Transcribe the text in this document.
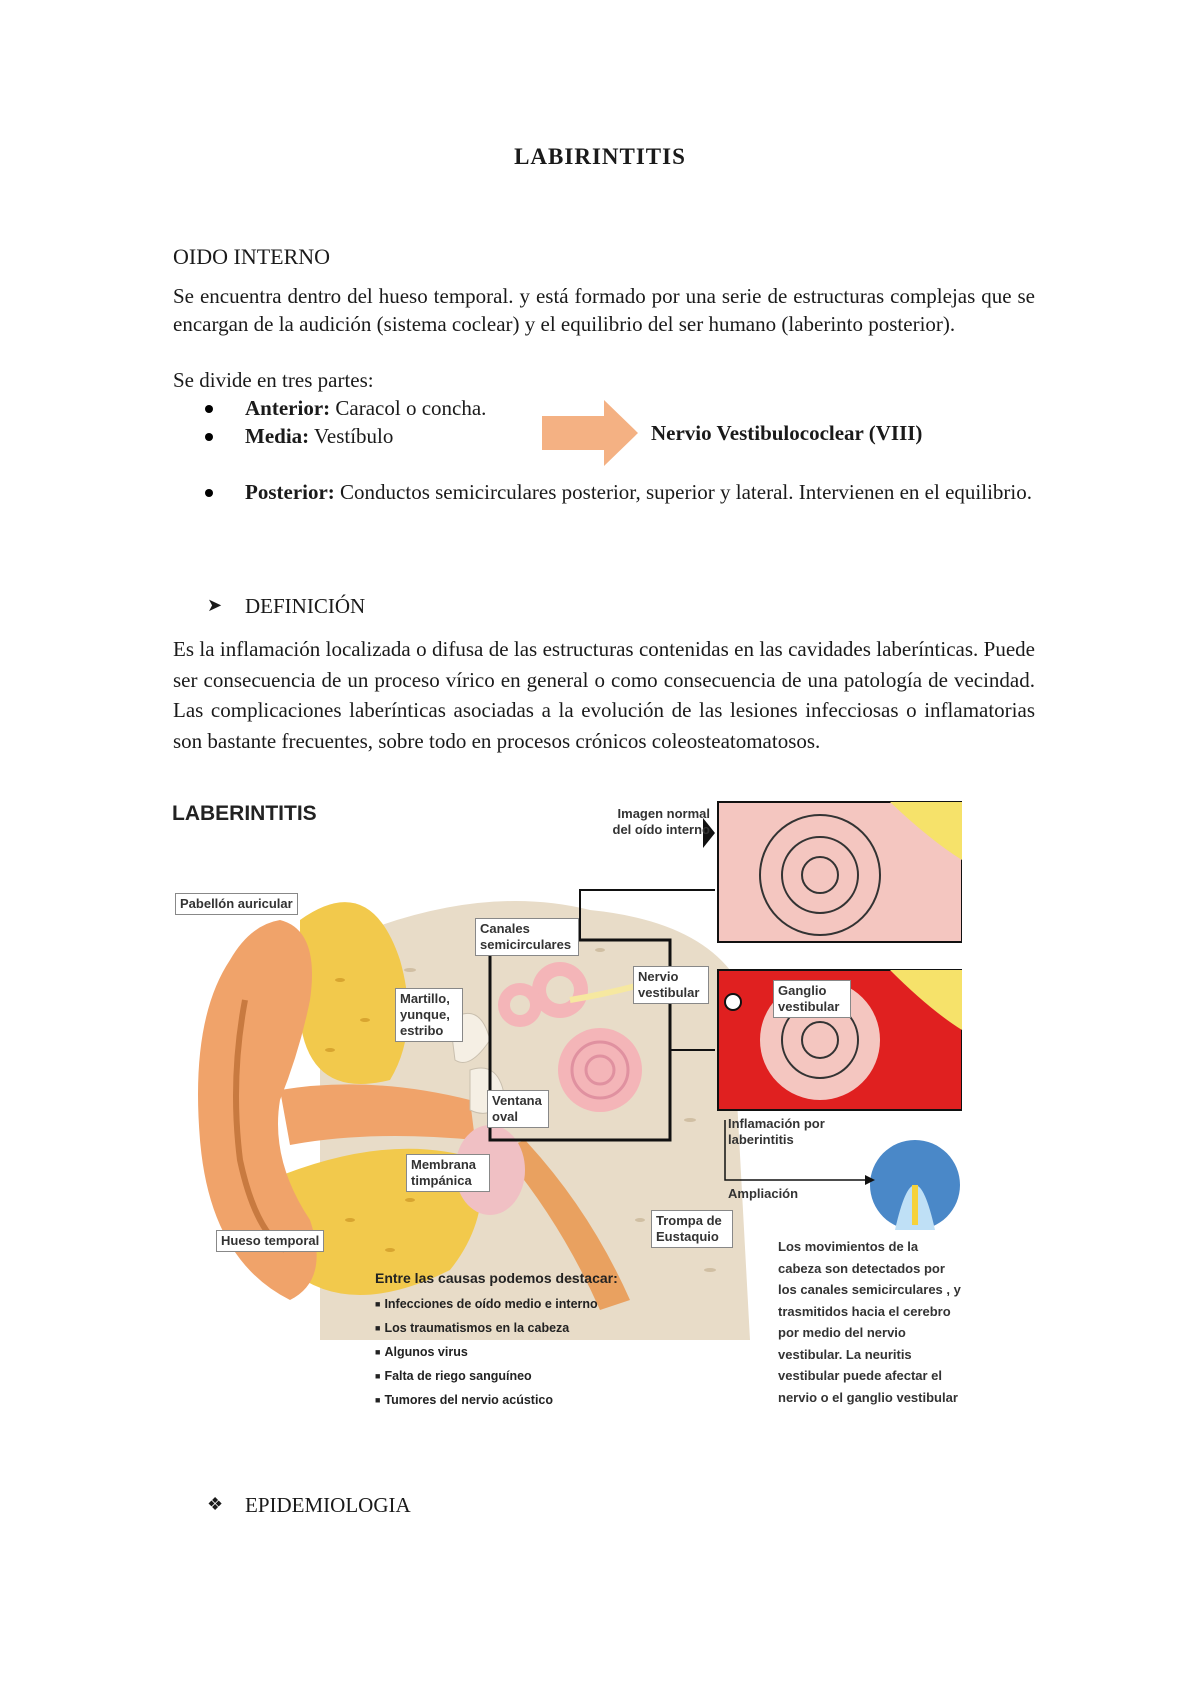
LABIRINTITIS
OIDO INTERNO
Se encuentra dentro del hueso temporal. y está formado por una serie de estructuras complejas que se encargan de la audición (sistema coclear) y el equilibrio del ser humano (laberinto posterior).
Se divide en tres partes:
Anterior: Caracol o concha.
Media: Vestíbulo
Posterior: Conductos semicirculares posterior, superior y lateral. Intervienen en el equilibrio.
Nervio Vestibulococlear (VIII)
➤ DEFINICIÓN
Es la inflamación localizada o difusa de las estructuras contenidas en las cavidades laberínticas. Puede ser consecuencia de un proceso vírico en general o como consecuencia de una patología de vecindad. Las complicaciones laberínticas asociadas a la evolución de las lesiones infecciosas o inflamatorias son bastante frecuentes, sobre todo en procesos crónicos coleosteatomatosos.
LABERINTITIS	Imagen normal del oído interno
Pabellón auricular
Canales semicirculares
Nervio vestibular
Martillo, yunque, estribo
Ventana oval
Membrana timpánica
Hueso temporal
Trompa de Eustaquio
Ganglio vestibular
Inflamación por laberintitis
Ampliación
Entre las causas podemos destacar:
■ Infecciones de oído medio e interno
■ Los traumatismos en la cabeza
■ Algunos virus
■ Falta de riego sanguíneo
■ Tumores del nervio acústico
Los movimientos de la cabeza son detectados por los canales semicirculares , y trasmitidos hacia el cerebro por medio del nervio vestibular. La neuritis vestibular puede afectar el nervio o el ganglio vestibular
❖ EPIDEMIOLOGIA
